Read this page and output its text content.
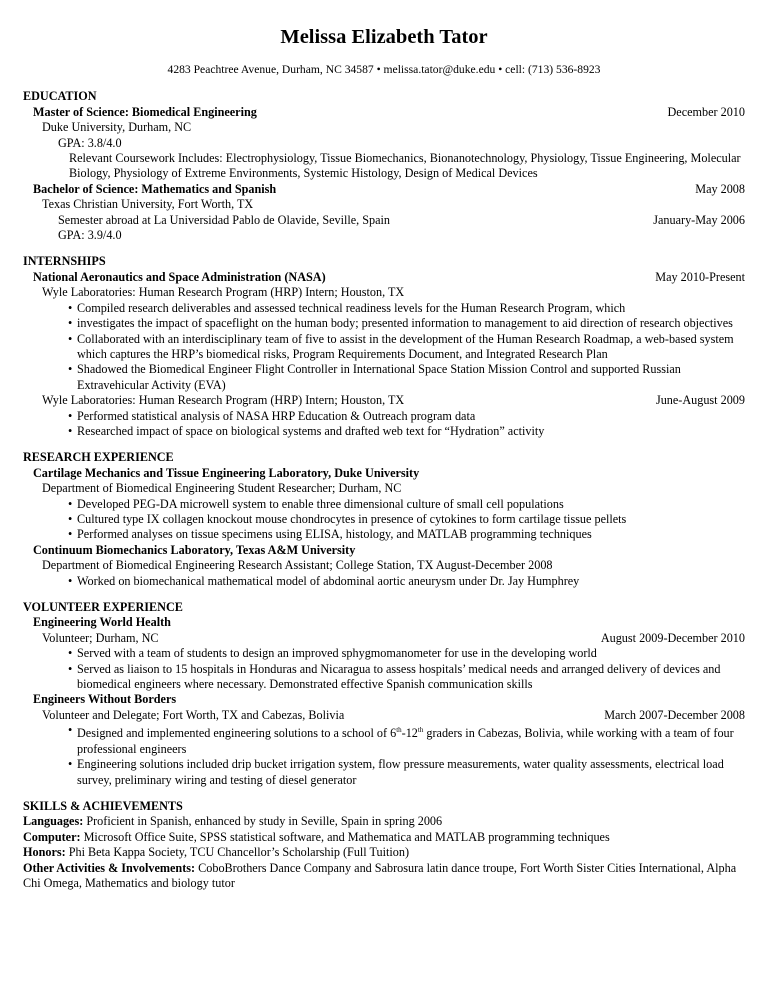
Melissa Elizabeth Tator
4283 Peachtree Avenue, Durham, NC 34587 • melissa.tator@duke.edu • cell: (713) 536-8923
EDUCATION
Master of Science: Biomedical Engineering	December 2010
Duke University, Durham, NC
GPA: 3.8/4.0
Relevant Coursework Includes: Electrophysiology, Tissue Biomechanics, Bionanotechnology, Physiology, Tissue Engineering, Molecular Biology, Physiology of Extreme Environments, Systemic Histology, Design of Medical Devices
Bachelor of Science: Mathematics and Spanish	May 2008
Texas Christian University, Fort Worth, TX
Semester abroad at La Universidad Pablo de Olavide, Seville, Spain	January-May 2006
GPA: 3.9/4.0
INTERNSHIPS
National Aeronautics and Space Administration (NASA)	May 2010-Present
Wyle Laboratories: Human Research Program (HRP) Intern; Houston, TX
• Compiled research deliverables and assessed technical readiness levels for the Human Research Program, which
• investigates the impact of spaceflight on the human body; presented information to management to aid direction of research objectives
• Collaborated with an interdisciplinary team of five to assist in the development of the Human Research Roadmap, a web-based system which captures the HRP’s biomedical risks, Program Requirements Document, and Integrated Research Plan
• Shadowed the Biomedical Engineer Flight Controller in International Space Station Mission Control and supported Russian Extravehicular Activity (EVA)
Wyle Laboratories: Human Research Program (HRP) Intern; Houston, TX	June-August 2009
• Performed statistical analysis of NASA HRP Education & Outreach program data
• Researched impact of space on biological systems and drafted web text for “Hydration” activity
RESEARCH EXPERIENCE
Cartilage Mechanics and Tissue Engineering Laboratory, Duke University
Department of Biomedical Engineering Student Researcher; Durham, NC
• Developed PEG-DA microwell system to enable three dimensional culture of small cell populations
• Cultured type IX collagen knockout mouse chondrocytes in presence of cytokines to form cartilage tissue pellets
• Performed analyses on tissue specimens using ELISA, histology, and MATLAB programming techniques
Continuum Biomechanics Laboratory, Texas A&M University
Department of Biomedical Engineering Research Assistant; College Station, TX August-December 2008
• Worked on biomechanical mathematical model of abdominal aortic aneurysm under Dr. Jay Humphrey
VOLUNTEER EXPERIENCE
Engineering World Health
Volunteer; Durham, NC	August 2009-December 2010
• Served with a team of students to design an improved sphygmomanometer for use in the developing world
• Served as liaison to 15 hospitals in Honduras and Nicaragua to assess hospitals’ medical needs and arranged delivery of devices and biomedical engineers where necessary. Demonstrated effective Spanish communication skills
Engineers Without Borders
Volunteer and Delegate; Fort Worth, TX and Cabezas, Bolivia	March 2007-December 2008
• Designed and implemented engineering solutions to a school of 6th-12th graders in Cabezas, Bolivia, while working with a team of four professional engineers
• Engineering solutions included drip bucket irrigation system, flow pressure measurements, water quality assessments, electrical load survey, preliminary wiring and testing of diesel generator
SKILLS & ACHIEVEMENTS

Languages: Proficient in Spanish, enhanced by study in Seville, Spain in spring 2006

Computer: Microsoft Office Suite, SPSS statistical software, and Mathematica and MATLAB programming techniques

Honors: Phi Beta Kappa Society, TCU Chancellor’s Scholarship (Full Tuition)

Other Activities & Involvements: CoboBrothers Dance Company and Sabrosura latin dance troupe, Fort Worth Sister Cities International, Alpha Chi Omega, Mathematics and biology tutor
